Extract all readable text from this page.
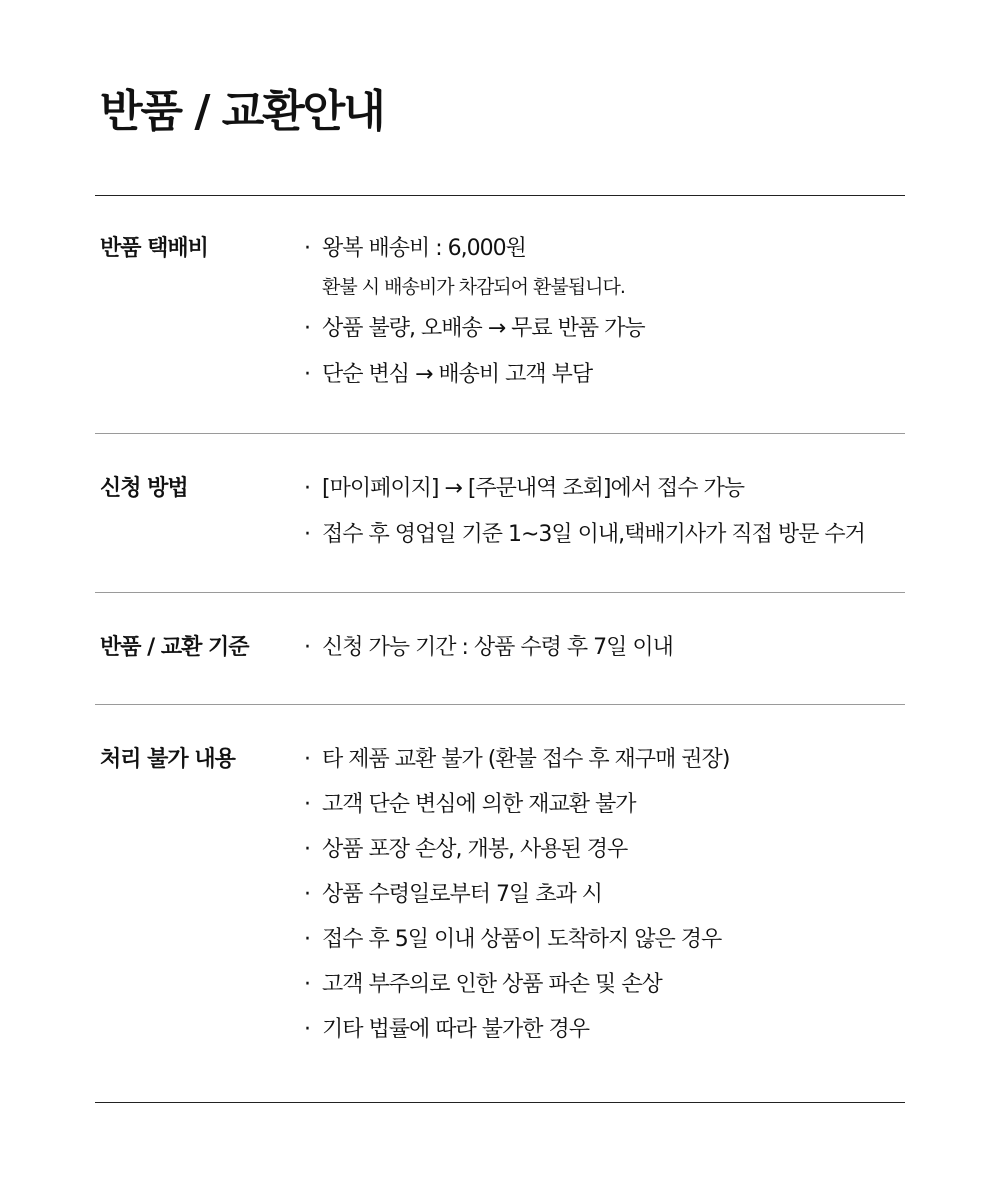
반품 / 교환안내
반품 택배비	· 왕복 배송비 : 6,000원
환불 시 배송비가 차감되어 환불됩니다.
· 상품 불량, 오배송 → 무료 반품 가능
· 단순 변심 → 배송비 고객 부담
신청 방법	· [마이페이지] → [주문내역 조회]에서 접수 가능
· 접수 후 영업일 기준 1~3일 이내,택배기사가 직접 방문 수거
반품 / 교환 기준	· 신청 가능 기간 : 상품 수령 후 7일 이내
처리 불가 내용	· 타 제품 교환 불가 (환불 접수 후 재구매 권장)
· 고객 단순 변심에 의한 재교환 불가
· 상품 포장 손상, 개봉, 사용된 경우
· 상품 수령일로부터 7일 초과 시
· 접수 후 5일 이내 상품이 도착하지 않은 경우
· 고객 부주의로 인한 상품 파손 및 손상
· 기타 법률에 따라 불가한 경우
